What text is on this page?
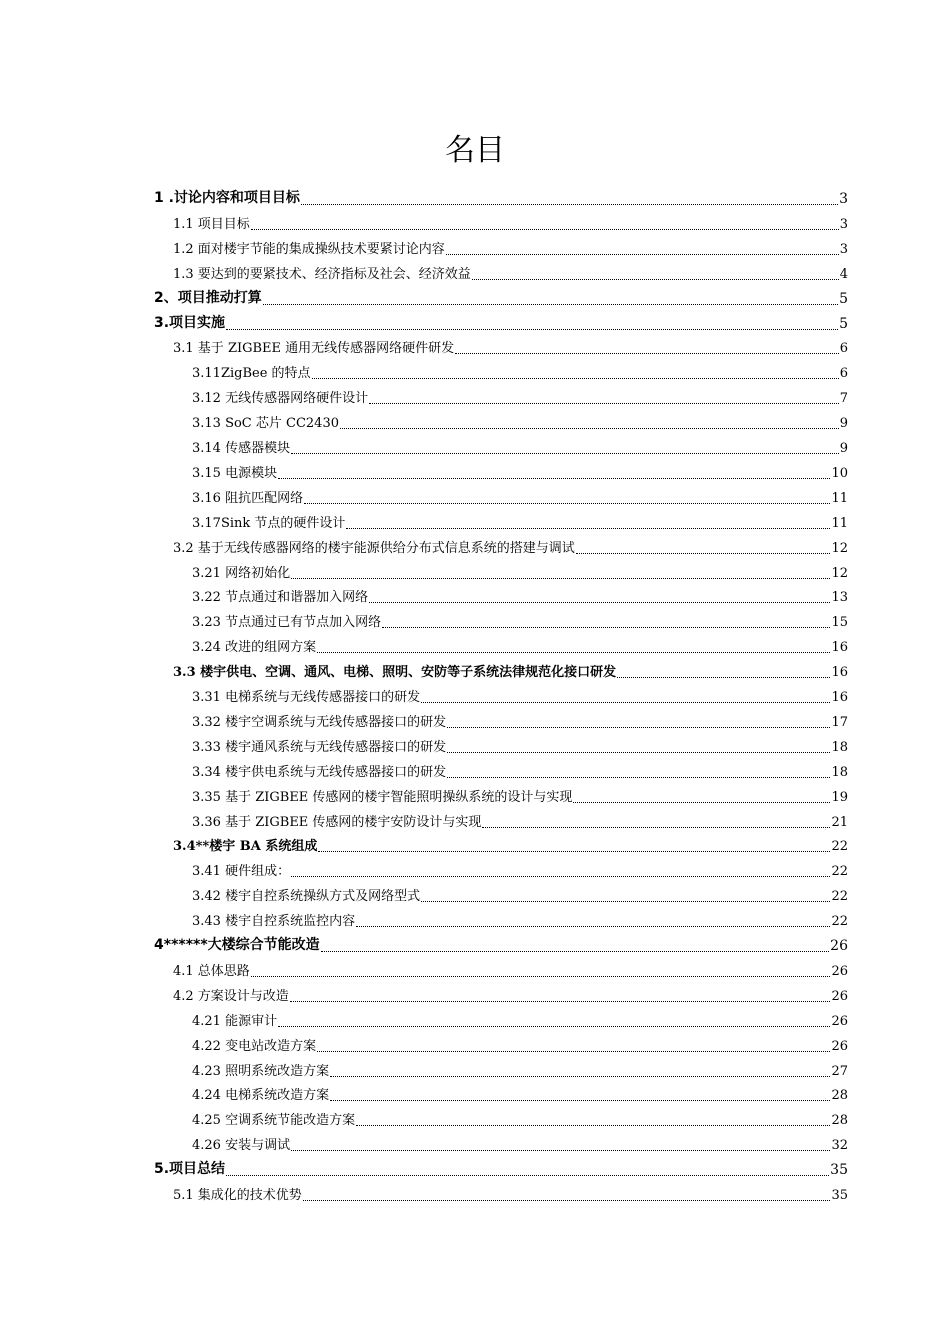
名目
1 .讨论内容和项目目标	3
1.1 项目目标	3
1.2 面对楼宇节能的集成操纵技术要紧讨论内容	3
1.3 要达到的要紧技术、经济指标及社会、经济效益	4
2、项目推动打算	5
3.项目实施	5
3.1 基于 ZIGBEE 通用无线传感器网络硬件研发	6
3.11ZigBee 的特点	6
3.12 无线传感器网络硬件设计	7
3.13 SoC 芯片 CC2430	9
3.14 传感器模块	9
3.15 电源模块	10
3.16 阻抗匹配网络	11
3.17Sink 节点的硬件设计	11
3.2 基于无线传感器网络的楼宇能源供给分布式信息系统的搭建与调试	12
3.21 网络初始化	12
3.22 节点通过和谐器加入网络	13
3.23 节点通过已有节点加入网络	15
3.24 改进的组网方案	16
3.3 楼宇供电、空调、通风、电梯、照明、安防等子系统法律规范化接口研发	16
3.31 电梯系统与无线传感器接口的研发	16
3.32 楼宇空调系统与无线传感器接口的研发	17
3.33 楼宇通风系统与无线传感器接口的研发	18
3.34 楼宇供电系统与无线传感器接口的研发	18
3.35 基于 ZIGBEE 传感网的楼宇智能照明操纵系统的设计与实现	19
3.36 基于 ZIGBEE 传感网的楼宇安防设计与实现	21
3.4**楼宇 BA 系统组成	22
3.41 硬件组成：	22
3.42 楼宇自控系统操纵方式及网络型式	22
3.43 楼宇自控系统监控内容	22
4******大楼综合节能改造	26
4.1 总体思路	26
4.2 方案设计与改造	26
4.21 能源审计	26
4.22 变电站改造方案	26
4.23 照明系统改造方案	27
4.24 电梯系统改造方案	28
4.25 空调系统节能改造方案	28
4.26 安装与调试	32
5.项目总结	35
5.1 集成化的技术优势	35
